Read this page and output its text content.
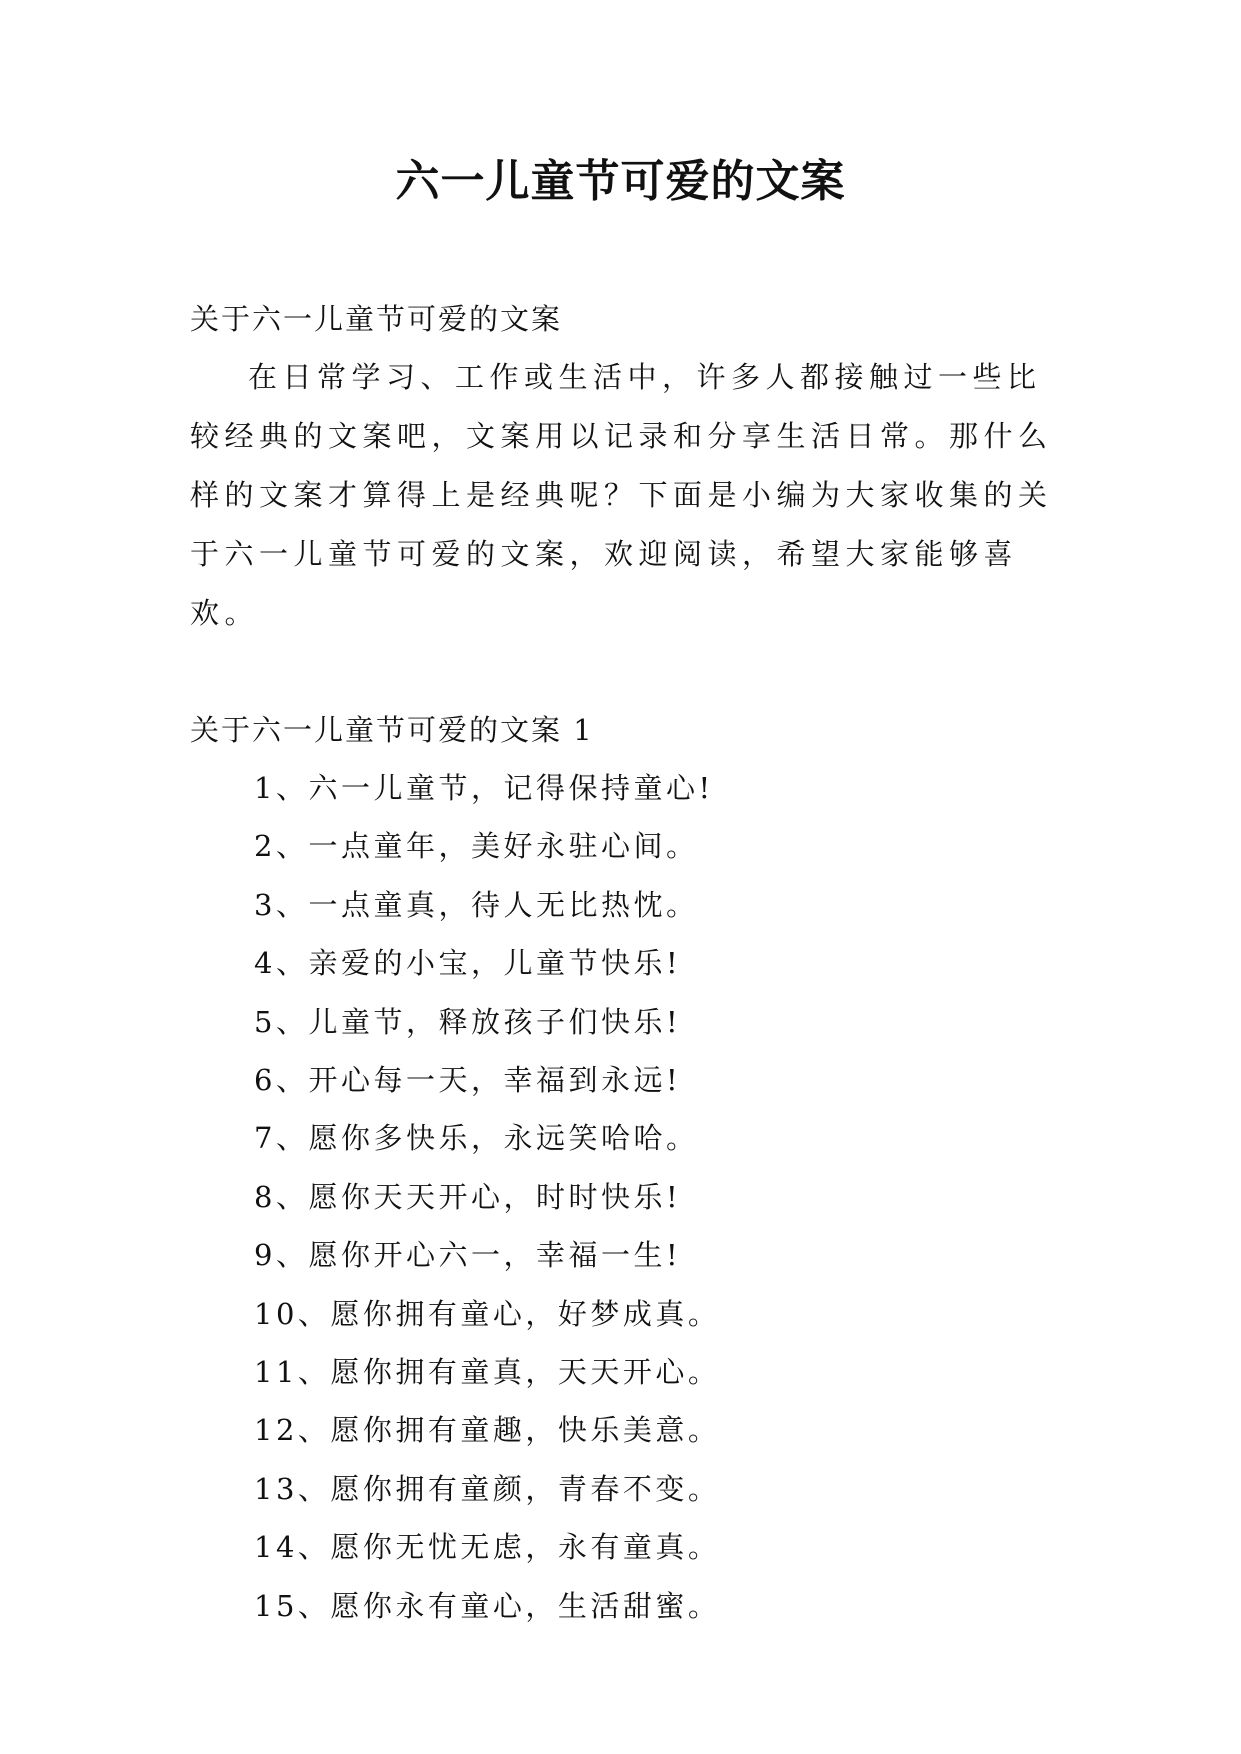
六一儿童节可爱的文案
关于六一儿童节可爱的文案

在日常学习、工作或生活中，许多人都接触过一些比较经典的文案吧，文案用以记录和分享生活日常。那什么样的文案才算得上是经典呢？下面是小编为大家收集的关于六一儿童节可爱的文案，欢迎阅读，希望大家能够喜欢。

关于六一儿童节可爱的文案 1
1、六一儿童节，记得保持童心!
2、一点童年，美好永驻心间。
3、一点童真，待人无比热忱。
4、亲爱的小宝，儿童节快乐!
5、儿童节，释放孩子们快乐!
6、开心每一天，幸福到永远!
7、愿你多快乐，永远笑哈哈。
8、愿你天天开心，时时快乐!
9、愿你开心六一，幸福一生!
10、愿你拥有童心，好梦成真。
11、愿你拥有童真，天天开心。
12、愿你拥有童趣，快乐美意。
13、愿你拥有童颜，青春不变。
14、愿你无忧无虑，永有童真。
15、愿你永有童心，生活甜蜜。
